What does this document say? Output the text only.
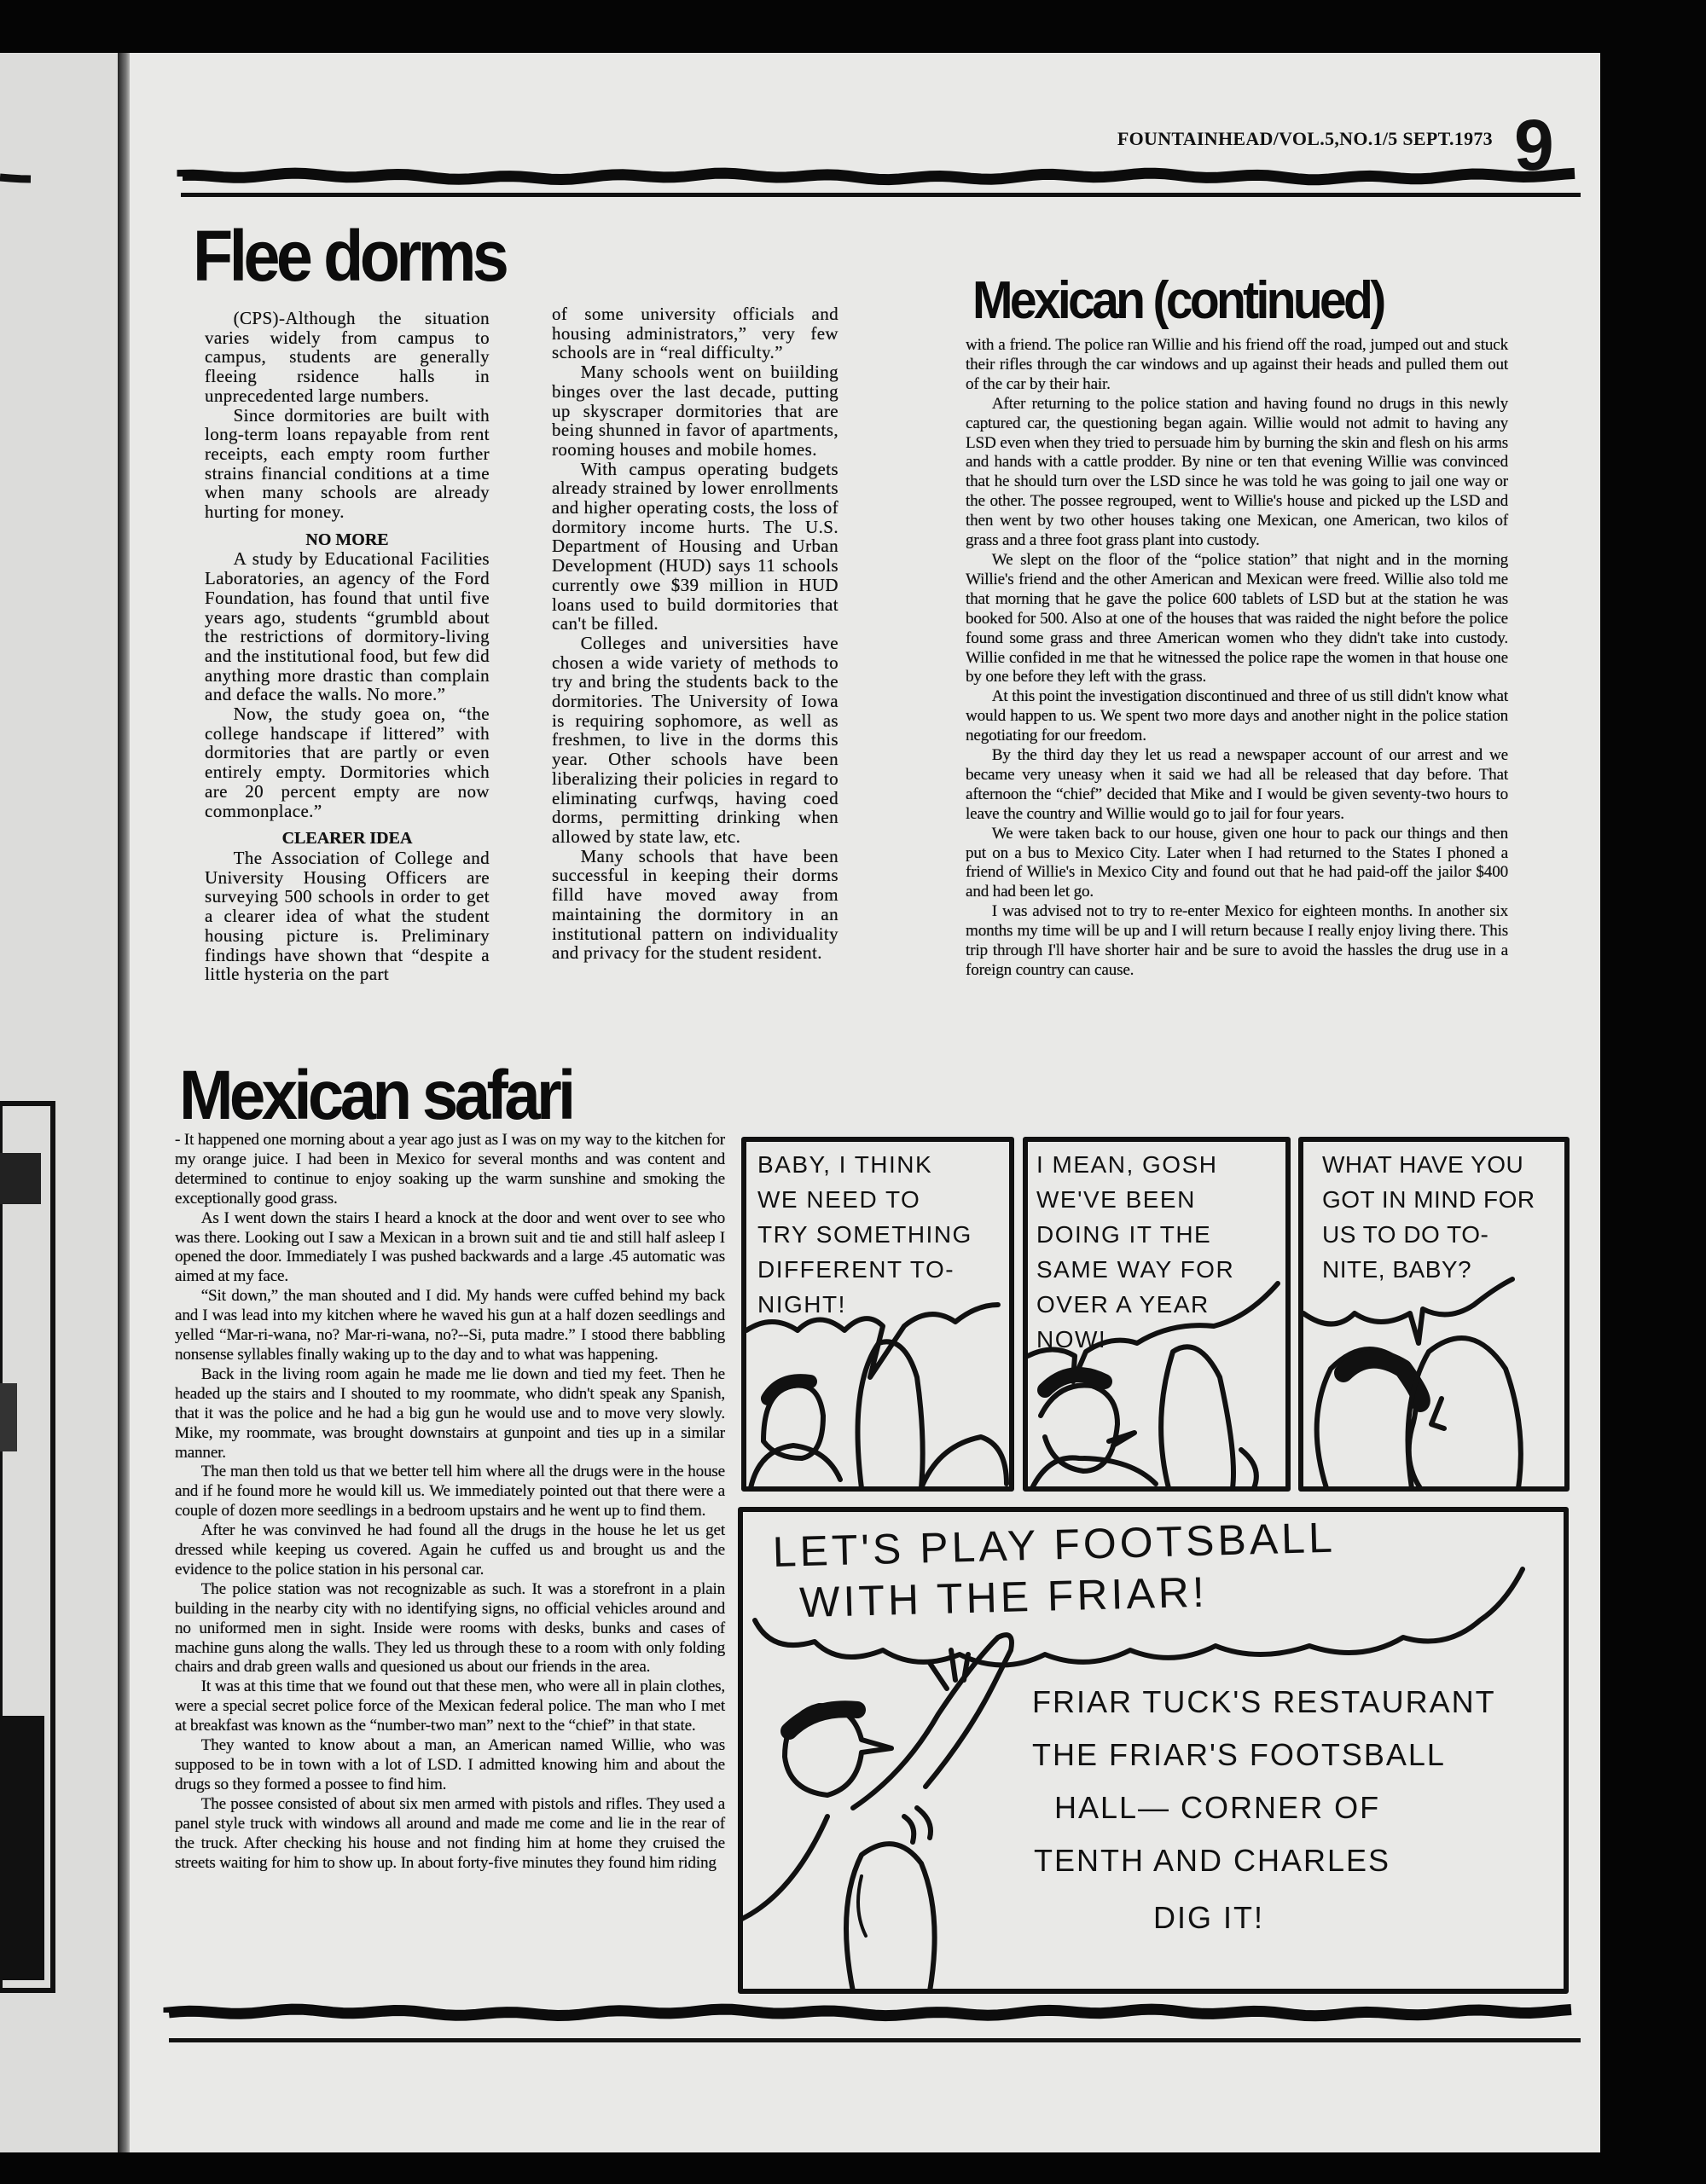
FOUNTAINHEAD/VOL.5,NO.1/5 SEPT.1973 9
Flee dorms

(CPS)-Although the situation varies widely from campus to campus, students are generally fleeing rsidence halls in unprecedented large numbers.

Since dormitories are built with long-term loans repayable from rent receipts, each empty room further strains financial conditions at a time when many schools are already hurting for money.

NO MORE

A study by Educational Facilities Laboratories, an agency of the Ford Foundation, has found that until five years ago, students “grumbld about the restrictions of dormitory-living and the institutional food, but few did anything more drastic than complain and deface the walls. No more.”

Now, the study goea on, “the college handscape if littered” with dormitories that are partly or even entirely empty. Dormitories which are 20 percent empty are now commonplace.”

CLEARER IDEA

The Association of College and University Housing Officers are surveying 500 schools in order to get a clearer idea of what the student housing picture is. Preliminary findings have shown that “despite a little hysteria on the part

of some university officials and housing administrators,” very few schools are in “real difficulty.”

Many schools went on buiilding binges over the last decade, putting up skyscraper dormitories that are being shunned in favor of apartments, rooming houses and mobile homes.

With campus operating budgets already strained by lower enrollments and higher operating costs, the loss of dormitory income hurts. The U.S. Department of Housing and Urban Development (HUD) says 11 schools currently owe $39 million in HUD loans used to build dormitories that can't be filled.

Colleges and universities have chosen a wide variety of methods to try and bring the students back to the dormitories. The University of Iowa is requiring sophomore, as well as freshmen, to live in the dorms this year. Other schools have been liberalizing their policies in regard to eliminating curfwqs, having coed dorms, permitting drinking when allowed by state law, etc.

Many schools that have been successful in keeping their dorms filld have moved away from maintaining the dormitory in an institutional pattern on individuality and privacy for the student resident.

Mexican (continued)

with a friend. The police ran Willie and his friend off the road, jumped out and stuck their rifles through the car windows and up against their heads and pulled them out of the car by their hair.

After returning to the police station and having found no drugs in this newly captured car, the questioning began again. Willie would not admit to having any LSD even when they tried to persuade him by burning the skin and flesh on his arms and hands with a cattle prodder. By nine or ten that evening Willie was convinced that he should turn over the LSD since he was told he was going to jail one way or the other. The possee regrouped, went to Willie's house and picked up the LSD and then went by two other houses taking one Mexican, one American, two kilos of grass and a three foot grass plant into custody.

We slept on the floor of the “police station” that night and in the morning Willie's friend and the other American and Mexican were freed. Willie also told me that morning that he gave the police 600 tablets of LSD but at the station he was booked for 500. Also at one of the houses that was raided the night before the police found some grass and three American women who they didn't take into custody. Willie confided in me that he witnessed the police rape the women in that house one by one before they left with the grass.

At this point the investigation discontinued and three of us still didn't know what would happen to us. We spent two more days and another night in the police station negotiating for our freedom.

By the third day they let us read a newspaper account of our arrest and we became very uneasy when it said we had all be released that day before. That afternoon the “chief” decided that Mike and I would be given seventy-two hours to leave the country and Willie would go to jail for four years.

We were taken back to our house, given one hour to pack our things and then put on a bus to Mexico City. Later when I had returned to the States I phoned a friend of Willie's in Mexico City and found out that he had paid-off the jailor $400 and had been let go.

I was advised not to try to re-enter Mexico for eighteen months. In another six months my time will be up and I will return because I really enjoy living there. This trip through I'll have shorter hair and be sure to avoid the hassles the drug use in a foreign country can cause.

Mexican safari

- It happened one morning about a year ago just as I was on my way to the kitchen for my orange juice. I had been in Mexico for several months and was content and determined to continue to enjoy soaking up the warm sunshine and smoking the exceptionally good grass.

As I went down the stairs I heard a knock at the door and went over to see who was there. Looking out I saw a Mexican in a brown suit and tie and still half asleep I opened the door. Immediately I was pushed backwards and a large .45 automatic was aimed at my face.

“Sit down,” the man shouted and I did. My hands were cuffed behind my back and I was lead into my kitchen where he waved his gun at a half dozen seedlings and yelled “Mar-ri-wana, no? Mar-ri-wana, no?--Si, puta madre.” I stood there babbling nonsense syllables finally waking up to the day and to what was happening.

Back in the living room again he made me lie down and tied my feet. Then he headed up the stairs and I shouted to my roommate, who didn't speak any Spanish, that it was the police and he had a big gun he would use and to move very slowly. Mike, my roommate, was brought downstairs at gunpoint and ties up in a similar manner.

The man then told us that we better tell him where all the drugs were in the house and if he found more he would kill us. We immediately pointed out that there were a couple of dozen more seedlings in a bedroom upstairs and he went up to find them.

After he was convinved he had found all the drugs in the house he let us get dressed while keeping us covered. Again he cuffed us and brought us and the evidence to the police station in his personal car.

The police station was not recognizable as such. It was a storefront in a plain building in the nearby city with no identifying signs, no official vehicles around and no uniformed men in sight. Inside were rooms with desks, bunks and cases of machine guns along the walls. They led us through these to a room with only folding chairs and drab green walls and quesioned us about our friends in the area.

It was at this time that we found out that these men, who were all in plain clothes, were a special secret police force of the Mexican federal police. The man who I met at breakfast was known as the “number-two man” next to the “chief” in that state.

They wanted to know about a man, an American named Willie, who was supposed to be in town with a lot of LSD. I admitted knowing him and about the drugs so they formed a possee to find him.

The possee consisted of about six men armed with pistols and rifles. They used a panel style truck with windows all around and made me come and lie in the rear of the truck. After checking his house and not finding him at home they cruised the streets waiting for him to show up. In about forty-five minutes they found him riding

BABY, I THINK
WE NEED TO
TRY SOMETHING
DIFFERENT TO-
NIGHT!
I MEAN, GOSH
WE'VE BEEN
DOING IT THE
SAME WAY FOR
OVER A YEAR
NOW!
WHAT HAVE YOU
GOT IN MIND FOR
US TO DO TO-
NITE, BABY?
LET'S PLAY FOOTSBALL
WITH THE FRIAR!
FRIAR TUCK'S RESTAURANT
THE FRIAR'S FOOTSBALL
HALL— CORNER OF
TENTH AND CHARLES
DIG IT!
